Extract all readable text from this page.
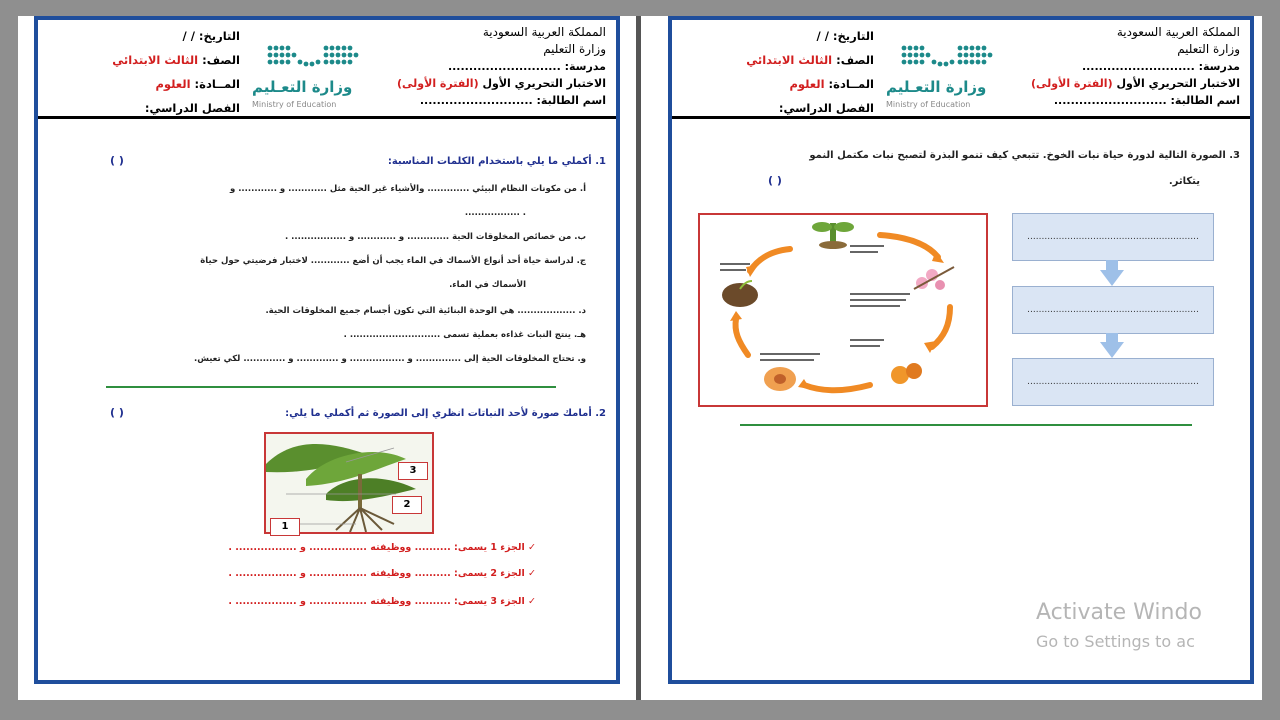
المملكة العربية السعودية
وزارة التعليم
مدرسة: ...........................
الاختبار التحريري الأول (الفترة الأولى)
اسم الطالبة: ...........................
وزارة التعـليم
Ministry of Education
التاريخ: / /
الصف: الثالث الابتدائي
المــادة: العلوم
الفصل الدراسي:
1. أكملي ما يلي باستخدام الكلمات المناسبة:
( )
أ. من مكونات النظام البيئي ............. والأشياء غير الحية مثل ............ و ............ و
. .................
ب. من خصائص المخلوقات الحية ............. و ............ و ................. .
ج. لدراسة حياة أحد أنواع الأسماك في الماء يجب أن أضع ............ لاختبار فرضيتي حول حياة
الأسماك في الماء.
د. .................. هي الوحدة البنائية التي تكون أجسام جميع المخلوقات الحية.
هـ. ينتج النبات غذاءه بعملية تسمى ............................ .
و. تحتاج المخلوقات الحية إلى .............. و ................. و ............. و ............. لكي تعيش.
2. أمامك صورة لأحد النباتات انظري إلى الصورة ثم أكملي ما يلي:
( )
1
2
3
✓ الجزء 1 يسمى: .......... ووظيفته ................ و ................. .
✓ الجزء 2 يسمى: .......... ووظيفته ................ و ................. .
✓ الجزء 3 يسمى: .......... ووظيفته ................ و ................. .
المملكة العربية السعودية
وزارة التعليم
مدرسة: ...........................
الاختبار التحريري الأول (الفترة الأولى)
اسم الطالبة: ...........................
وزارة التعـليم
Ministry of Education
التاريخ: / /
الصف: الثالث الابتدائي
المــادة: العلوم
الفصل الدراسي:
3. الصورة التالية لدورة حياة نبات الخوخ. تتبعي كيف تنمو البذرة لتصبح نبات مكتمل النمو
يتكاثر.
( )
............................................................
............................................................
............................................................
Activate Windo
Go to Settings to ac
